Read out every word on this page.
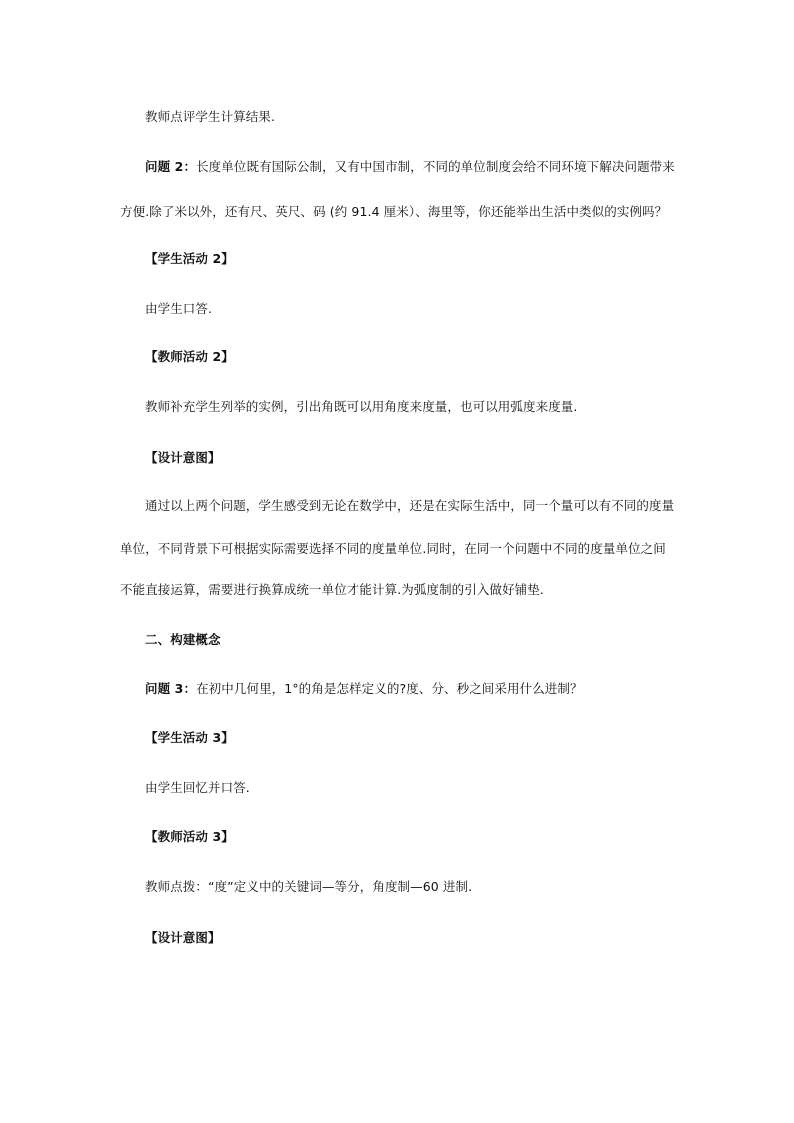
教师点评学生计算结果.
问题 2：长度单位既有国际公制，又有中国市制，不同的单位制度会给不同环境下解决问题带来
方便.除了米以外，还有尺、英尺、码 (约 91.4 厘米）、海里等，你还能举出生活中类似的实例吗？
【学生活动 2】
由学生口答.
【教师活动 2】
教师补充学生列举的实例，引出角既可以用角度来度量，也可以用弧度来度量.
【设计意图】
通过以上两个问题，学生感受到无论在数学中，还是在实际生活中，同一个量可以有不同的度量
单位，不同背景下可根据实际需要选择不同的度量单位.同时，在同一个问题中不同的度量单位之间
不能直接运算，需要进行换算成统一单位才能计算.为弧度制的引入做好铺垫.
二、构建概念
问题 3：在初中几何里，1°的角是怎样定义的?度、分、秒之间采用什么进制？
【学生活动 3】
由学生回忆并口答.
【教师活动 3】
教师点拨：“度”定义中的关键词—等分，角度制—60 进制.
【设计意图】
